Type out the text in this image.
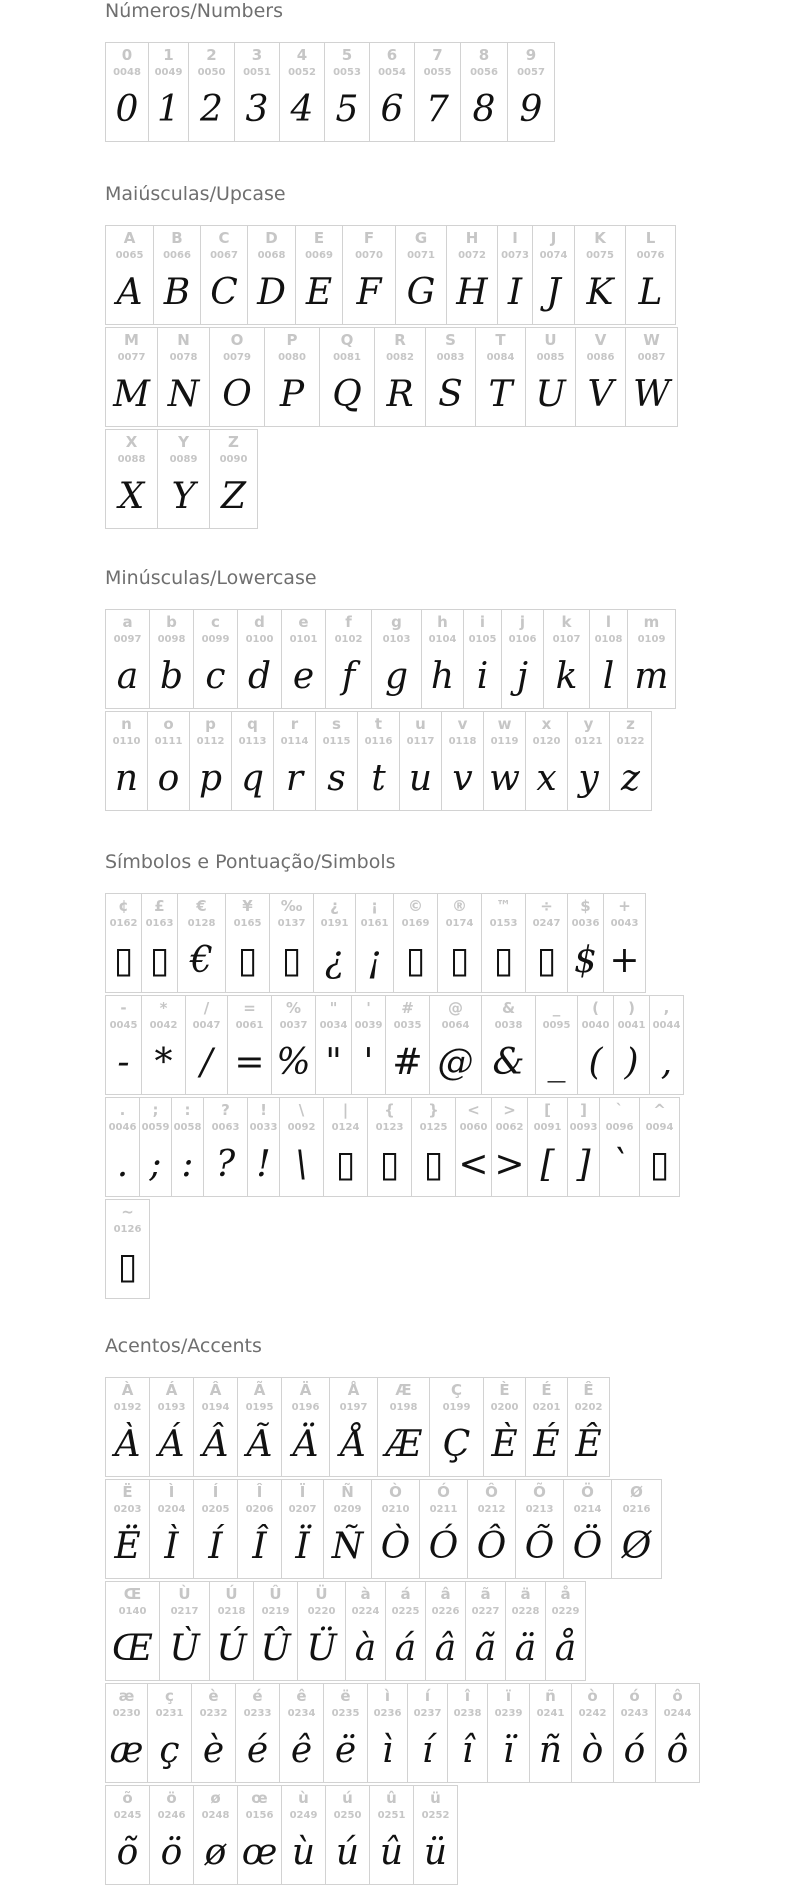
Números/Numbers
0
0048
0
1
0049
1
2
0050
2
3
0051
3
4
0052
4
5
0053
5
6
0054
6
7
0055
7
8
0056
8
9
0057
9
Maiúsculas/Upcase
A
0065
A
B
0066
B
C
0067
C
D
0068
D
E
0069
E
F
0070
F
G
0071
G
H
0072
H
I
0073
I
J
0074
J
K
0075
K
L
0076
L
M
0077
M
N
0078
N
O
0079
O
P
0080
P
Q
0081
Q
R
0082
R
S
0083
S
T
0084
T
U
0085
U
V
0086
V
W
0087
W
X
0088
X
Y
0089
Y
Z
0090
Z
Minúsculas/Lowercase
a
0097
a
b
0098
b
c
0099
c
d
0100
d
e
0101
e
f
0102
f
g
0103
g
h
0104
h
i
0105
i
j
0106
j
k
0107
k
l
0108
l
m
0109
m
n
0110
n
o
0111
o
p
0112
p
q
0113
q
r
0114
r
s
0115
s
t
0116
t
u
0117
u
v
0118
v
w
0119
w
x
0120
x
y
0121
y
z
0122
z
Símbolos e Pontuação/Simbols
¢
0162
▯
£
0163
▯
€
0128
€
¥
0165
▯
‰
0137
▯
¿
0191
¿
¡
0161
¡
©
0169
▯
®
0174
▯
™
0153
▯
÷
0247
▯
$
0036
$
+
0043
+
-
0045
-
*
0042
*
/
0047
/
=
0061
=
%
0037
%
"
0034
"
'
0039
'
#
0035
#
@
0064
@
&
0038
&
_
0095
_
(
0040
(
)
0041
)
,
0044
,
.
0046
.
;
0059
;
:
0058
:
?
0063
?
!
0033
!
\
0092
\
|
0124
▯
{
0123
▯
}
0125
▯
<
0060
<
>
0062
>
[
0091
[
]
0093
]
`
0096
`
^
0094
▯
~
0126
▯
Acentos/Accents
À
0192
À
Á
0193
Á
Â
0194
Â
Ã
0195
Ã
Ä
0196
Ä
Å
0197
Å
Æ
0198
Æ
Ç
0199
Ç
È
0200
È
É
0201
É
Ê
0202
Ê
Ë
0203
Ë
Ì
0204
Ì
Í
0205
Í
Î
0206
Î
Ï
0207
Ï
Ñ
0209
Ñ
Ò
0210
Ò
Ó
0211
Ó
Ô
0212
Ô
Õ
0213
Õ
Ö
0214
Ö
Ø
0216
Ø
Œ
0140
Œ
Ù
0217
Ù
Ú
0218
Ú
Û
0219
Û
Ü
0220
Ü
à
0224
à
á
0225
á
â
0226
â
ã
0227
ã
ä
0228
ä
å
0229
å
æ
0230
æ
ç
0231
ç
è
0232
è
é
0233
é
ê
0234
ê
ë
0235
ë
ì
0236
ì
í
0237
í
î
0238
î
ï
0239
ï
ñ
0241
ñ
ò
0242
ò
ó
0243
ó
ô
0244
ô
õ
0245
õ
ö
0246
ö
ø
0248
ø
œ
0156
œ
ù
0249
ù
ú
0250
ú
û
0251
û
ü
0252
ü
